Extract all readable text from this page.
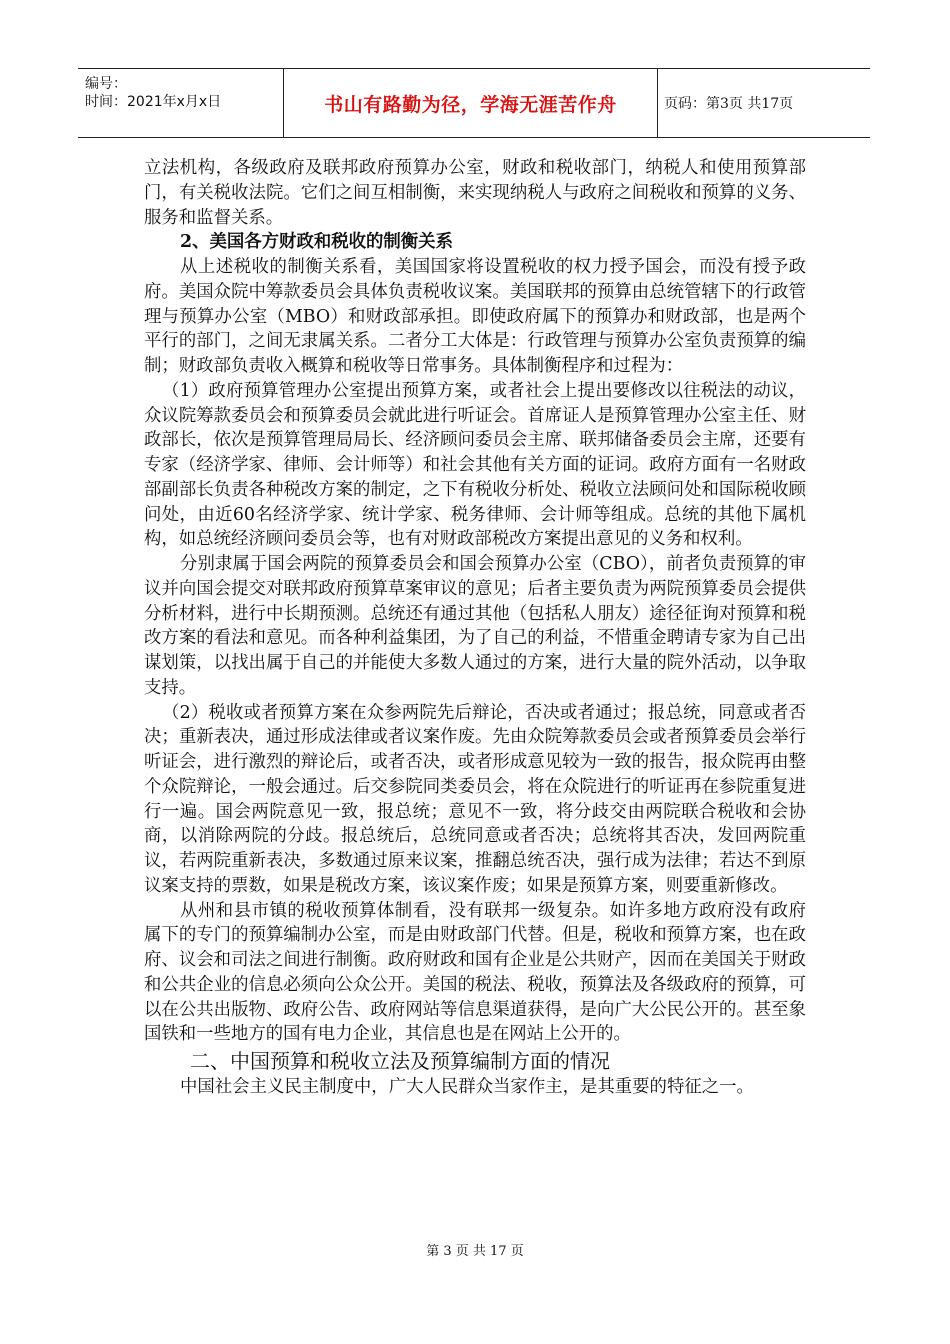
编号：
时间：2021年x月x日	书山有路勤为径，学海无涯苦作舟	页码：第3页 共17页

立法机构，各级政府及联邦政府预算办公室，财政和税收部门，纳税人和使用预算部门，有关税收法院。它们之间互相制衡，来实现纳税人与政府之间税收和预算的义务、服务和监督关系。

2、美国各方财政和税收的制衡关系

从上述税收的制衡关系看，美国国家将设置税收的权力授予国会，而没有授予政府。美国众院中筹款委员会具体负责税收议案。美国联邦的预算由总统管辖下的行政管理与预算办公室（MBO）和财政部承担。即使政府属下的预算办和财政部，也是两个平行的部门，之间无隶属关系。二者分工大体是：行政管理与预算办公室负责预算的编制；财政部负责收入概算和税收等日常事务。具体制衡程序和过程为：

（1）政府预算管理办公室提出预算方案，或者社会上提出要修改以往税法的动议，众议院筹款委员会和预算委员会就此进行听证会。首席证人是预算管理办公室主任、财政部长，依次是预算管理局局长、经济顾问委员会主席、联邦储备委员会主席，还要有专家（经济学家、律师、会计师等）和社会其他有关方面的证词。政府方面有一名财政部副部长负责各种税改方案的制定，之下有税收分析处、税收立法顾问处和国际税收顾问处，由近60名经济学家、统计学家、税务律师、会计师等组成。总统的其他下属机构，如总统经济顾问委员会等，也有对财政部税改方案提出意见的义务和权利。

分别隶属于国会两院的预算委员会和国会预算办公室（CBO），前者负责预算的审议并向国会提交对联邦政府预算草案审议的意见；后者主要负责为两院预算委员会提供分析材料，进行中长期预测。总统还有通过其他（包括私人朋友）途径征询对预算和税改方案的看法和意见。而各种利益集团，为了自己的利益，不惜重金聘请专家为自己出谋划策，以找出属于自己的并能使大多数人通过的方案，进行大量的院外活动，以争取支持。

（2）税收或者预算方案在众参两院先后辩论，否决或者通过；报总统，同意或者否决；重新表决，通过形成法律或者议案作废。先由众院筹款委员会或者预算委员会举行听证会，进行激烈的辩论后，或者否决，或者形成意见较为一致的报告，报众院再由整个众院辩论，一般会通过。后交参院同类委员会，将在众院进行的听证再在参院重复进行一遍。国会两院意见一致，报总统；意见不一致，将分歧交由两院联合税收和会协商，以消除两院的分歧。报总统后，总统同意或者否决；总统将其否决，发回两院重议，若两院重新表决，多数通过原来议案，推翻总统否决，强行成为法律；若达不到原议案支持的票数，如果是税改方案，该议案作废；如果是预算方案，则要重新修改。

从州和县市镇的税收预算体制看，没有联邦一级复杂。如许多地方政府没有政府属下的专门的预算编制办公室，而是由财政部门代替。但是，税收和预算方案，也在政府、议会和司法之间进行制衡。政府财政和国有企业是公共财产，因而在美国关于财政和公共企业的信息必须向公众公开。美国的税法、税收，预算法及各级政府的预算，可以在公共出版物、政府公告、政府网站等信息渠道获得，是向广大公民公开的。甚至象国铁和一些地方的国有电力企业，其信息也是在网站上公开的。

二、中国预算和税收立法及预算编制方面的情况

中国社会主义民主制度中，广大人民群众当家作主，是其重要的特征之一。

第 3 页 共 17 页
